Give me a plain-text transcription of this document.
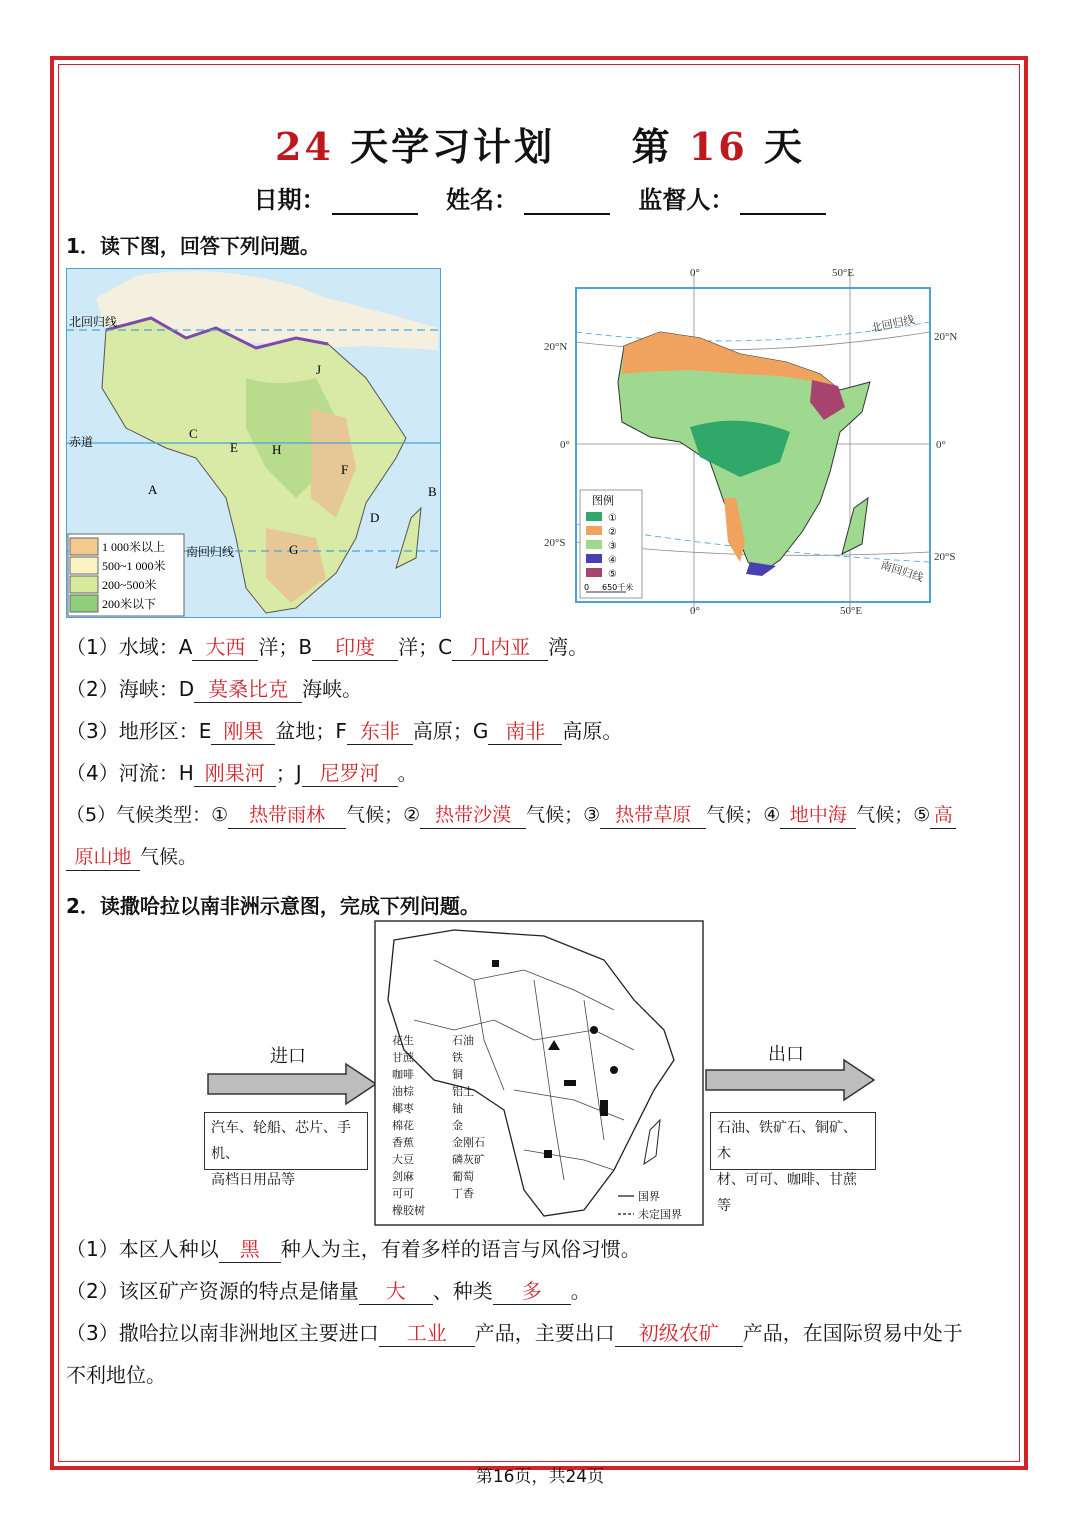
24 天学习计划 第 16 天
日期：	姓名：	监督人：
1．读下图，回答下列问题。
北回归线
赤道
南回归线
A	B
C
D
E
F
G
H
J
1 000米以上
500~1 000米
200~500米
200米以下
0°	50°E
20°N
20°N
0°	0°
20°S
20°S
0°	50°E
北回归线
南回归线
图例
①
②
③
④
⑤
0 650千米
（1）水域：A 大西 洋；B 印度 洋；C 几内亚 湾。
（2）海峡：D 莫桑比克 海峡。
（3）地形区：E 刚果 盆地；F 东非 高原；G 南非 高原。
（4）河流：H 刚果河 ；J 尼罗河 。
（5）气候类型：① 热带雨林 气候；② 热带沙漠 气候；③ 热带草原 气候；④ 地中海 气候；⑤ 高
原山地 气候。
2．读撒哈拉以南非洲示意图，完成下列问题。
进口
汽车、轮船、芯片、手机、
高档日用品等
出口
石油、铁矿石、铜矿、木
材、可可、咖啡、甘蔗等
花生
甘蔗
咖啡
油棕
椰枣
棉花
香蕉
大豆
剑麻
可可
橡胶树
石油
铁
铜
铝土
铀
金
金刚石
磷灰矿
葡萄
丁香	国界
未定国界
（1）本区人种以 黑 种人为主，有着多样的语言与风俗习惯。
（2）该区矿产资源的特点是储量 大 、种类 多 。
（3）撒哈拉以南非洲地区主要进口 工业 产品，主要出口 初级农矿 产品，在国际贸易中处于
不利地位。
第16页，共24页
